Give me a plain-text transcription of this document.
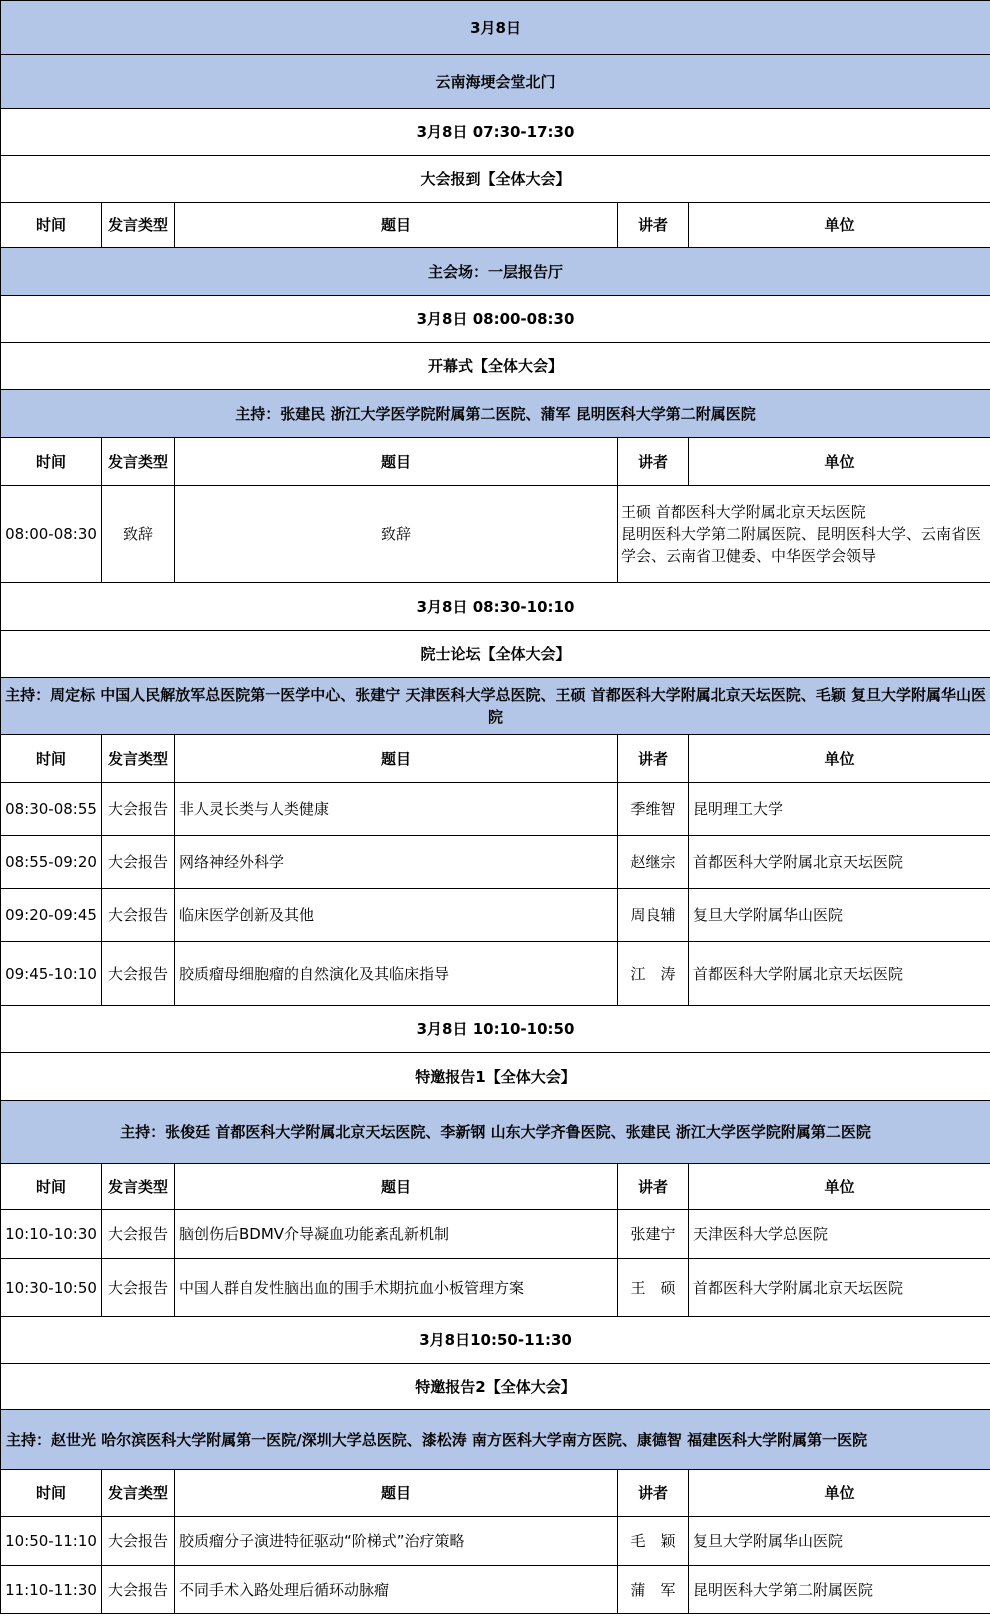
3月8日				
云南海埂会堂北门				
3月8日 07:30-17:30				
大会报到【全体大会】				
时间	发言类型	题目	讲者	单位
主会场：一层报告厅				
3月8日 08:00-08:30				
开幕式【全体大会】				
主持：张建民 浙江大学医学院附属第二医院、蒲军 昆明医科大学第二附属医院				
时间	发言类型	题目	讲者	单位
08:00-08:30	致辞	致辞	王硕 首都医科大学附属北京天坛医院
昆明医科大学第二附属医院、昆明医科大学、云南省医学会、云南省卫健委、中华医学会领导	
3月8日 08:30-10:10				
院士论坛【全体大会】				
主持：周定标 中国人民解放军总医院第一医学中心、张建宁 天津医科大学总医院、王硕 首都医科大学附属北京天坛医院、毛颖 复旦大学附属华山医院				
时间	发言类型	题目	讲者	单位
08:30-08:55	大会报告	非人灵长类与人类健康	季维智	昆明理工大学
08:55-09:20	大会报告	网络神经外科学	赵继宗	首都医科大学附属北京天坛医院
09:20-09:45	大会报告	临床医学创新及其他	周良辅	复旦大学附属华山医院
09:45-10:10	大会报告	胶质瘤母细胞瘤的自然演化及其临床指导	江　涛	首都医科大学附属北京天坛医院
3月8日 10:10-10:50				
特邀报告1【全体大会】				
主持：张俊廷 首都医科大学附属北京天坛医院、李新钢 山东大学齐鲁医院、张建民 浙江大学医学院附属第二医院				
时间	发言类型	题目	讲者	单位
10:10-10:30	大会报告	脑创伤后BDMV介导凝血功能紊乱新机制	张建宁	天津医科大学总医院
10:30-10:50	大会报告	中国人群自发性脑出血的围手术期抗血小板管理方案	王　硕	首都医科大学附属北京天坛医院
3月8日10:50-11:30				
特邀报告2【全体大会】				
主持：赵世光 哈尔滨医科大学附属第一医院/深圳大学总医院、漆松涛 南方医科大学南方医院、康德智 福建医科大学附属第一医院				
时间	发言类型	题目	讲者	单位
10:50-11:10	大会报告	胶质瘤分子演进特征驱动“阶梯式”治疗策略	毛　颖	复旦大学附属华山医院
11:10-11:30	大会报告	不同手术入路处理后循环动脉瘤	蒲　军	昆明医科大学第二附属医院
